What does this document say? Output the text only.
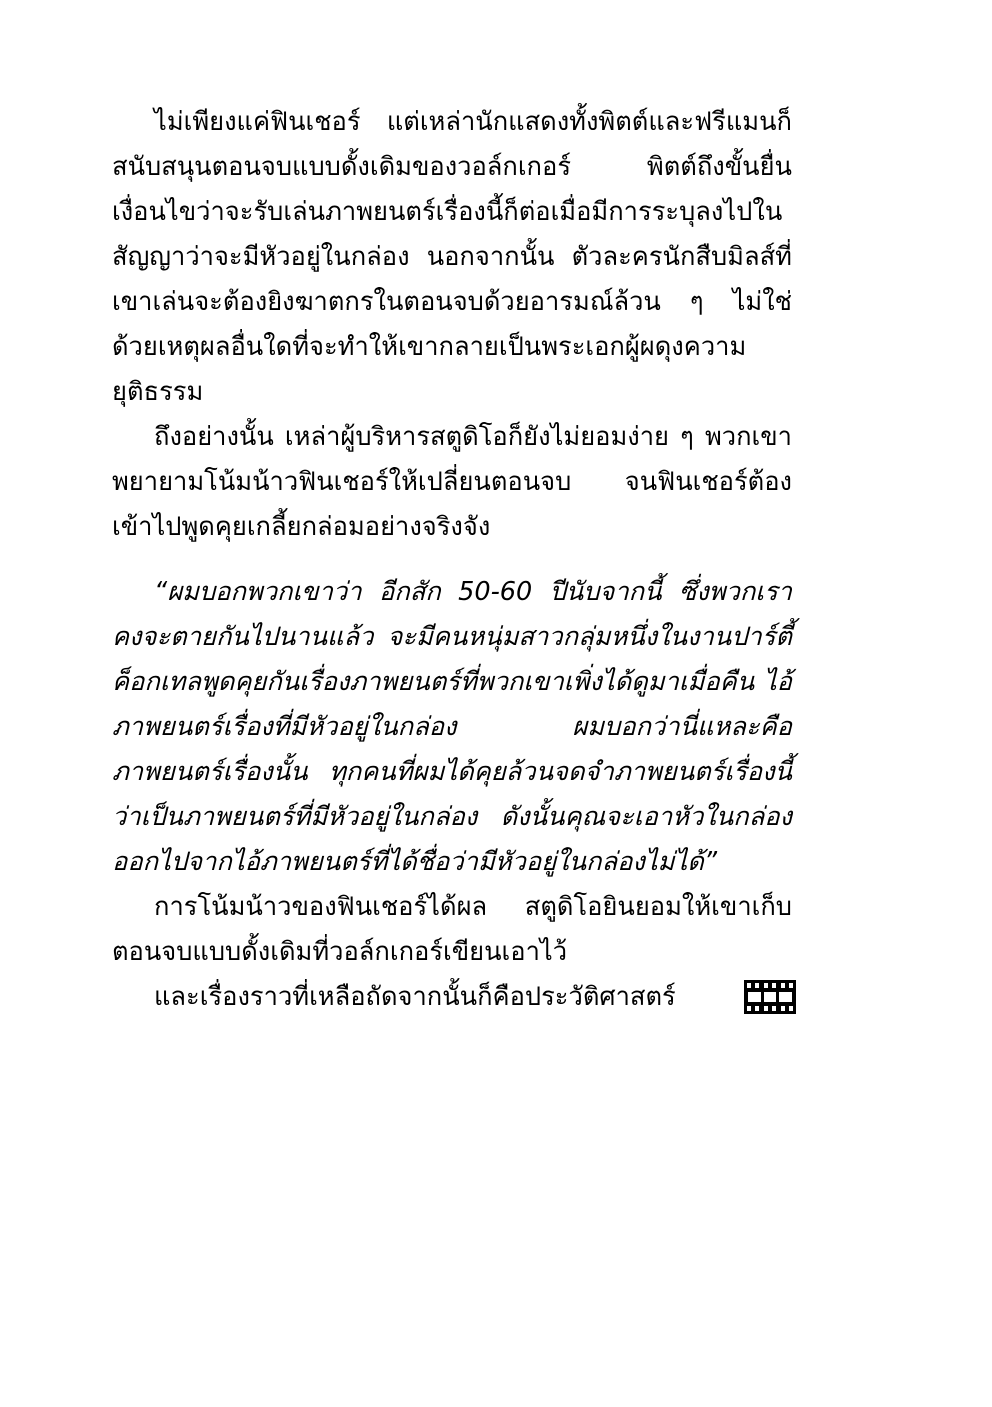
ไม่เพียงแค่ฟินเชอร์ แต่เหล่านักแสดงทั้งพิตต์และฟรีแมนก็สนับสนุนตอนจบแบบดั้งเดิมของวอล์กเกอร์ พิตต์ถึงขั้นยื่นเงื่อนไขว่าจะรับเล่นภาพยนตร์เรื่องนี้ก็ต่อเมื่อมีการระบุลงไปในสัญญาว่าจะมีหัวอยู่ในกล่อง นอกจากนั้น ตัวละครนักสืบมิลส์ที่เขาเล่นจะต้องยิงฆาตกรในตอนจบด้วยอารมณ์ล้วน ๆ ไม่ใช่ด้วยเหตุผลอื่นใดที่จะทำให้เขากลายเป็นพระเอกผู้ผดุงความยุติธรรม

ถึงอย่างนั้น เหล่าผู้บริหารสตูดิโอก็ยังไม่ยอมง่าย ๆ พวกเขาพยายามโน้มน้าวฟินเชอร์ให้เปลี่ยนตอนจบ จนฟินเชอร์ต้องเข้าไปพูดคุยเกลี้ยกล่อมอย่างจริงจัง

“ผมบอกพวกเขาว่า อีกสัก 50-60 ปีนับจากนี้ ซึ่งพวกเราคงจะตายกันไปนานแล้ว จะมีคนหนุ่มสาวกลุ่มหนึ่งในงานปาร์ตี้ค็อกเทลพูดคุยกันเรื่องภาพยนตร์ที่พวกเขาเพิ่งได้ดูมาเมื่อคืน ไอ้ภาพยนตร์เรื่องที่มีหัวอยู่ในกล่อง ผมบอกว่านี่แหละคือภาพยนตร์เรื่องนั้น ทุกคนที่ผมได้คุยล้วนจดจำภาพยนตร์เรื่องนี้ว่าเป็นภาพยนตร์ที่มีหัวอยู่ในกล่อง ดังนั้นคุณจะเอาหัวในกล่องออกไปจากไอ้ภาพยนตร์ที่ได้ชื่อว่ามีหัวอยู่ในกล่องไม่ได้”

การโน้มน้าวของฟินเชอร์ได้ผล สตูดิโอยินยอมให้เขาเก็บตอนจบแบบดั้งเดิมที่วอล์กเกอร์เขียนเอาไว้

และเรื่องราวที่เหลือถัดจากนั้นก็คือประวัติศาสตร์
